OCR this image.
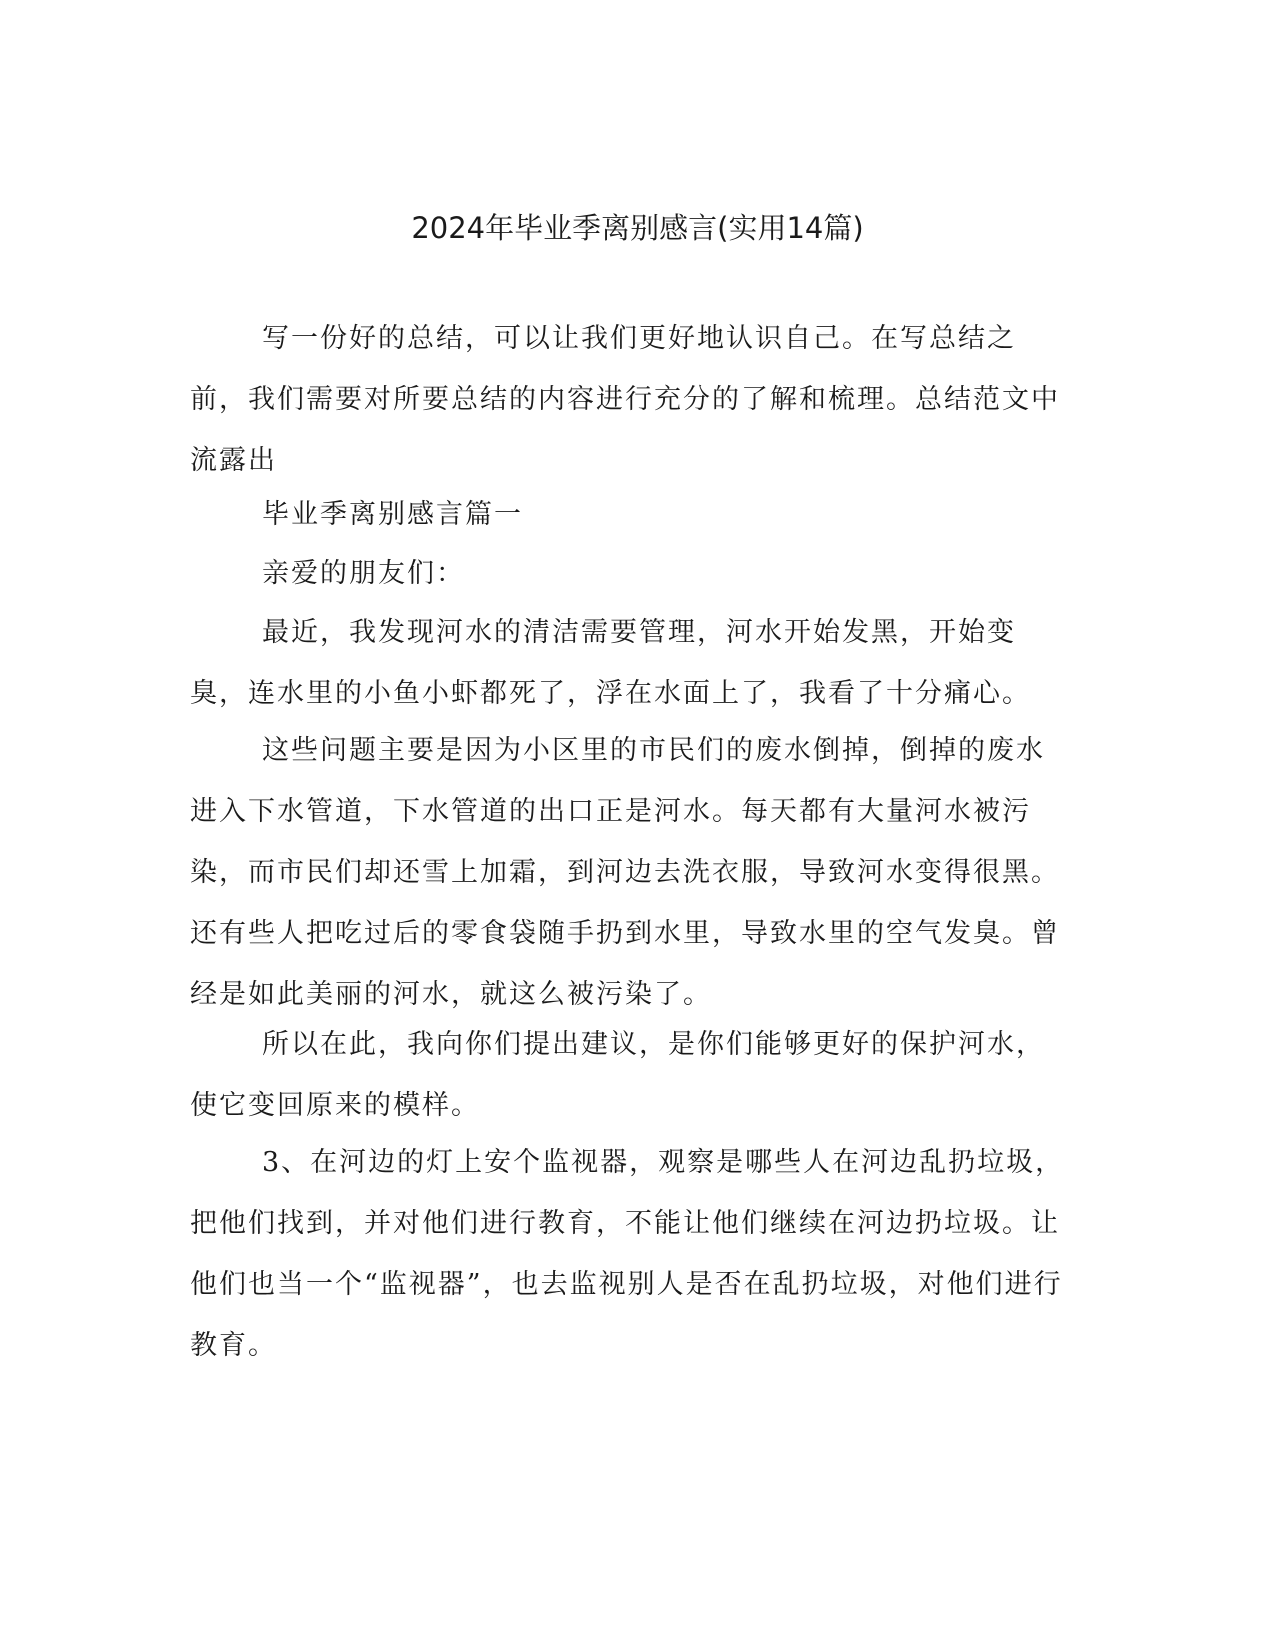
2024年毕业季离别感言(实用14篇)

写一份好的总结，可以让我们更好地认识自己。在写总结之前，我们需要对所要总结的内容进行充分的了解和梳理。总结范文中流露出

毕业季离别感言篇一

亲爱的朋友们：

最近，我发现河水的清洁需要管理，河水开始发黑，开始变臭，连水里的小鱼小虾都死了，浮在水面上了，我看了十分痛心。

这些问题主要是因为小区里的市民们的废水倒掉，倒掉的废水进入下水管道，下水管道的出口正是河水。每天都有大量河水被污染，而市民们却还雪上加霜，到河边去洗衣服，导致河水变得很黑。还有些人把吃过后的零食袋随手扔到水里，导致水里的空气发臭。曾经是如此美丽的河水，就这么被污染了。

所以在此，我向你们提出建议，是你们能够更好的保护河水，使它变回原来的模样。

3、在河边的灯上安个监视器，观察是哪些人在河边乱扔垃圾，把他们找到，并对他们进行教育，不能让他们继续在河边扔垃圾。让他们也当一个“监视器”，也去监视别人是否在乱扔垃圾，对他们进行教育。
